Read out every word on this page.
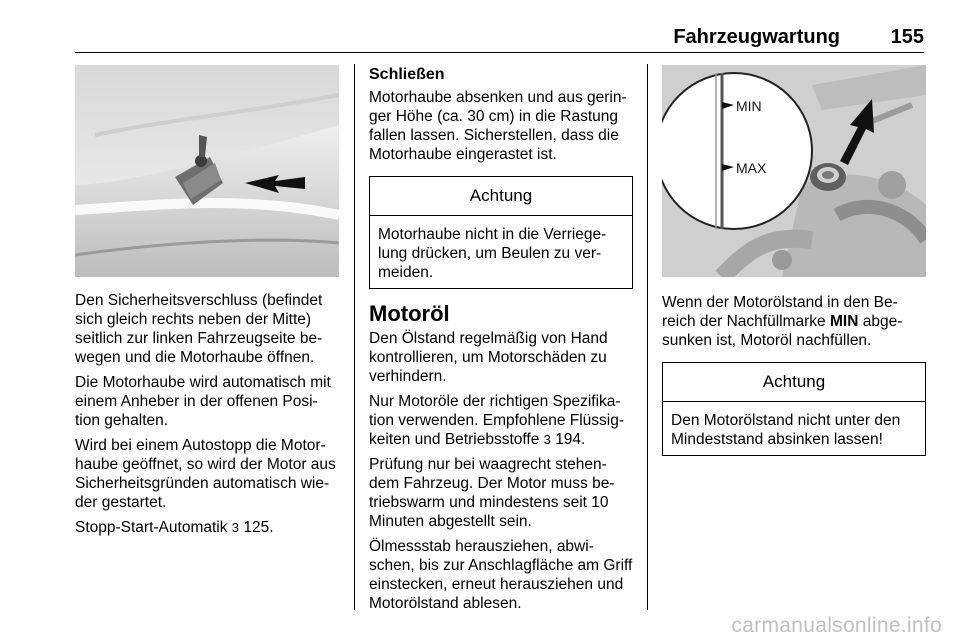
Fahrzeugwartung	155

Den Sicherheitsverschluss (befindet sich gleich rechts neben der Mitte) seitlich zur linken Fahrzeugseite be-wegen und die Motorhaube öffnen.

Die Motorhaube wird automatisch mit einem Anheber in der offenen Posi-tion gehalten.

Wird bei einem Autostopp die Motor-haube geöffnet, so wird der Motor aus Sicherheitsgründen automatisch wie-der gestartet.

Stopp-Start-Automatik 3 125.

Schließen

Motorhaube absenken und aus gerin-ger Höhe (ca. 30 cm) in die Rastung fallen lassen. Sicherstellen, dass die Motorhaube eingerastet ist.

Achtung
Motorhaube nicht in die Verriege-lung drücken, um Beulen zu ver-meiden.
Motoröl

Den Ölstand regelmäßig von Hand kontrollieren, um Motorschäden zu verhindern.

Nur Motoröle der richtigen Spezifika-tion verwenden. Empfohlene Flüssig-keiten und Betriebsstoffe 3 194.

Prüfung nur bei waagrecht stehen-dem Fahrzeug. Der Motor muss be-triebswarm und mindestens seit 10 Minuten abgestellt sein.

Ölmessstab herausziehen, abwi-schen, bis zur Anschlagfläche am Griff einstecken, erneut herausziehen und Motorölstand ablesen.

MIN
MAX

Wenn der Motorölstand in den Be-reich der Nachfüllmarke MIN abge-sunken ist, Motoröl nachfüllen.

Achtung
Den Motorölstand nicht unter den Mindeststand absinken lassen!
carmanualsonline.info
